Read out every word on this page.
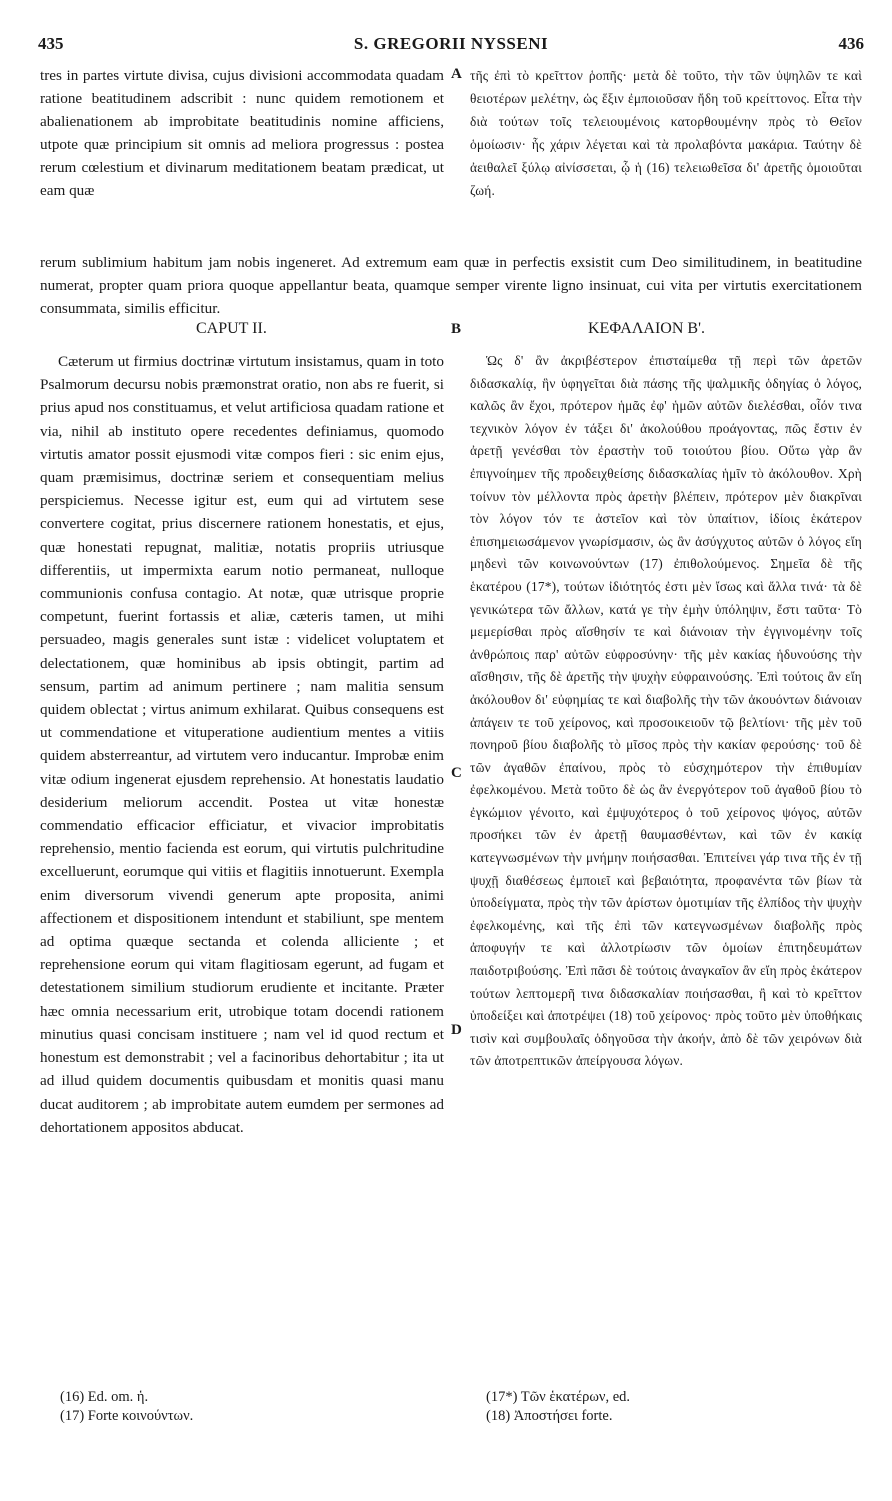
435	S. GREGORII NYSSENI	436

tres in partes virtute divisa, cujus divisioni accommodata quadam ratione beatitudinem adscribit : nunc quidem remotionem et abalienationem ab improbitate beatitudinis nomine afficiens, utpote quæ principium sit omnis ad meliora progressus : postea rerum cœlestium et divinarum meditationem beatam prædicat, ut eam quæ

A τῆς ἐπὶ τὸ κρεῖττον ῥοπῆς· μετὰ δὲ τοῦτο, τὴν τῶν ὑψηλῶν τε καὶ θειοτέρων μελέτην, ὡς ἕξιν ἐμποιοῦσαν ἤδη τοῦ κρείττονος. Εἶτα τὴν διὰ τούτων τοῖς τελειουμένοις κατορθουμένην πρὸς τὸ Θεῖον ὁμοίωσιν· ἧς χάριν λέγεται καὶ τὰ προλαβόντα μακάρια. Ταύτην δὲ ἀειθαλεῖ ξύλῳ αἰνίσσεται, ᾧ ἡ (16) τελειωθεῖσα δι' ἀρετῆς ὁμοιοῦται ζωή.

rerum sublimium habitum jam nobis ingeneret. Ad extremum eam quæ in perfectis exsistit cum Deo similitudinem, in beatitudine numerat, propter quam priora quoque appellantur beata, quamque semper virente ligno insinuat, cui vita per virtutis exercitationem consummata, similis efficitur.

CAPUT II.	B	ΚΕΦΑΛΑΙΟΝ Β'.

Cæterum ut firmius doctrinæ virtutum insistamus, quam in toto Psalmorum decursu nobis præmonstrat oratio, non abs re fuerit, si prius apud nos constituamus, et velut artificiosa quadam ratione et via, nihil ab instituto opere recedentes definiamus, quomodo virtutis amator possit ejusmodi vitæ compos fieri : sic enim ejus, quam præmisimus, doctrinæ seriem et consequentiam melius perspiciemus. Necesse igitur est, eum qui ad virtutem sese convertere cogitat, prius discernere rationem honestatis, et ejus, quæ honestati repugnat, malitiæ, notatis propriis utriusque differentiis, ut impermixta earum notio permaneat, nulloque communionis confusa contagio. At notæ, quæ utrisque proprie competunt, fuerint fortassis et aliæ, cæteris tamen, ut mihi persuadeo, magis generales sunt istæ : videlicet voluptatem et delectationem, quæ hominibus ab ipsis obtingit, partim ad sensum, partim ad animum pertinere ; nam malitia sensum quidem oblectat ; virtus animum exhilarat. Quibus consequens est ut commendatione et vituperatione audientium mentes a vitiis quidem absterreantur, ad virtutem vero inducantur. Improbæ enim vitæ odium ingenerat ejusdem reprehensio. At honestatis laudatio desiderium meliorum accendit. Postea ut vitæ honestæ commendatio efficacior efficiatur, et vivacior improbitatis reprehensio, mentio facienda est eorum, qui virtutis pulchritudine excelluerunt, eorumque qui vitiis et flagitiis innotuerunt. Exempla enim diversorum vivendi generum apte proposita, animi affectionem et dispositionem intendunt et stabiliunt, spe mentem ad optima quæque sectanda et colenda alliciente ; et reprehensione eorum qui vitam flagitiosam egerunt, ad fugam et detestationem similium studiorum erudiente et incitante. Præter hæc omnia necessarium erit, utrobique totam docendi rationem minutius quasi concisam instituere ; nam vel id quod rectum et honestum est demonstrabit ; vel a facinoribus dehortabitur ; ita ut ad illud quidem documentis quibusdam et monitis quasi manu ducat auditorem ; ab improbitate autem eumdem per sermones ad dehortationem appositos abducat.

C
D

Ὡς δ' ἂν ἀκριβέστερον ἐπισταίμεθα τῇ περὶ τῶν ἀρετῶν διδασκαλίᾳ, ἣν ὑφηγεῖται διὰ πάσης τῆς ψαλμικῆς ὁδηγίας ὁ λόγος, καλῶς ἂν ἔχοι, πρότερον ἡμᾶς ἐφ' ἡμῶν αὐτῶν διελέσθαι, οἷόν τινα τεχνικὸν λόγον ἐν τάξει δι' ἀκολούθου προάγοντας, πῶς ἔστιν ἐν ἀρετῇ γενέσθαι τὸν ἐραστὴν τοῦ τοιούτου βίου. Οὕτω γὰρ ἂν ἐπιγνοίημεν τῆς προδειχθείσης διδασκαλίας ἡμῖν τὸ ἀκόλουθον. Χρὴ τοίνυν τὸν μέλλοντα πρὸς ἀρετὴν βλέπειν, πρότερον μὲν διακρῖναι τὸν λόγον τόν τε ἀστεῖον καὶ τὸν ὑπαίτιον, ἰδίοις ἑκάτερον ἐπισημειωσάμενον γνωρίσμασιν, ὡς ἂν ἀσύγχυτος αὐτῶν ὁ λόγος εἴη μηδενὶ τῶν κοινωνούντων (17) ἐπιθολούμενος. Σημεῖα δὲ τῆς ἑκατέρου (17*), τούτων ἰδιότητός ἐστι μὲν ἴσως καὶ ἄλλα τινά· τὰ δὲ γενικώτερα τῶν ἄλλων, κατά γε τὴν ἐμὴν ὑπόληψιν, ἔστι ταῦτα· Τὸ μεμερίσθαι πρὸς αἴσθησίν τε καὶ διάνοιαν τὴν ἐγγινομένην τοῖς ἀνθρώποις παρ' αὐτῶν εὐφροσύνην· τῆς μὲν κακίας ἡδυνούσης τὴν αἴσθησιν, τῆς δὲ ἀρετῆς τὴν ψυχὴν εὐφραινούσης. Ἐπὶ τούτοις ἂν εἴη ἀκόλουθον δι' εὐφημίας τε καὶ διαβολῆς τὴν τῶν ἀκουόντων διάνοιαν ἀπάγειν τε τοῦ χείρονος, καὶ προσοικειοῦν τῷ βελτίονι· τῆς μὲν τοῦ πονηροῦ βίου διαβολῆς τὸ μῖσος πρὸς τὴν κακίαν φερούσης· τοῦ δὲ τῶν ἀγαθῶν ἐπαίνου, πρὸς τὸ εὐσχημότερον τὴν ἐπιθυμίαν ἐφελκομένου. Μετὰ τοῦτο δὲ ὡς ἂν ἐνεργότερον τοῦ ἀγαθοῦ βίου τὸ ἐγκώμιον γένοιτο, καὶ ἐμψυχότερος ὁ τοῦ χείρονος ψόγος, αὐτῶν προσήκει τῶν ἐν ἀρετῇ θαυμασθέντων, καὶ τῶν ἐν κακίᾳ κατεγνωσμένων τὴν μνήμην ποιήσασθαι. Ἐπιτείνει γάρ τινα τῆς ἐν τῇ ψυχῇ διαθέσεως ἐμποιεῖ καὶ βεβαιότητα, προφανέντα τῶν βίων τὰ ὑποδείγματα, πρὸς τὴν τῶν ἀρίστων ὁμοτιμίαν τῆς ἐλπίδος τὴν ψυχὴν ἐφελκομένης, καὶ τῆς ἐπὶ τῶν κατεγνωσμένων διαβολῆς πρὸς ἀποφυγήν τε καὶ ἀλλοτρίωσιν τῶν ὁμοίων ἐπιτηδευμάτων παιδοτριβούσης. Ἐπὶ πᾶσι δὲ τούτοις ἀναγκαῖον ἂν εἴη πρὸς ἑκάτερον τούτων λεπτομερῆ τινα διδασκαλίαν ποιήσασθαι, ἢ καὶ τὸ κρεῖττον ὑποδείξει καὶ ἀποτρέψει (18) τοῦ χείρονος· πρὸς τοῦτο μὲν ὑποθήκαις τισὶν καὶ συμβουλαῖς ὁδηγοῦσα τὴν ἀκοήν, ἀπὸ δὲ τῶν χειρόνων διὰ τῶν ἀποτρεπτικῶν ἀπείργουσα λόγων.

(16) Ed. om. ἡ.
(17) Forte κοινούντων.
(17*) Τῶν ἑκατέρων, ed.
(18) Ἀποστήσει forte.
